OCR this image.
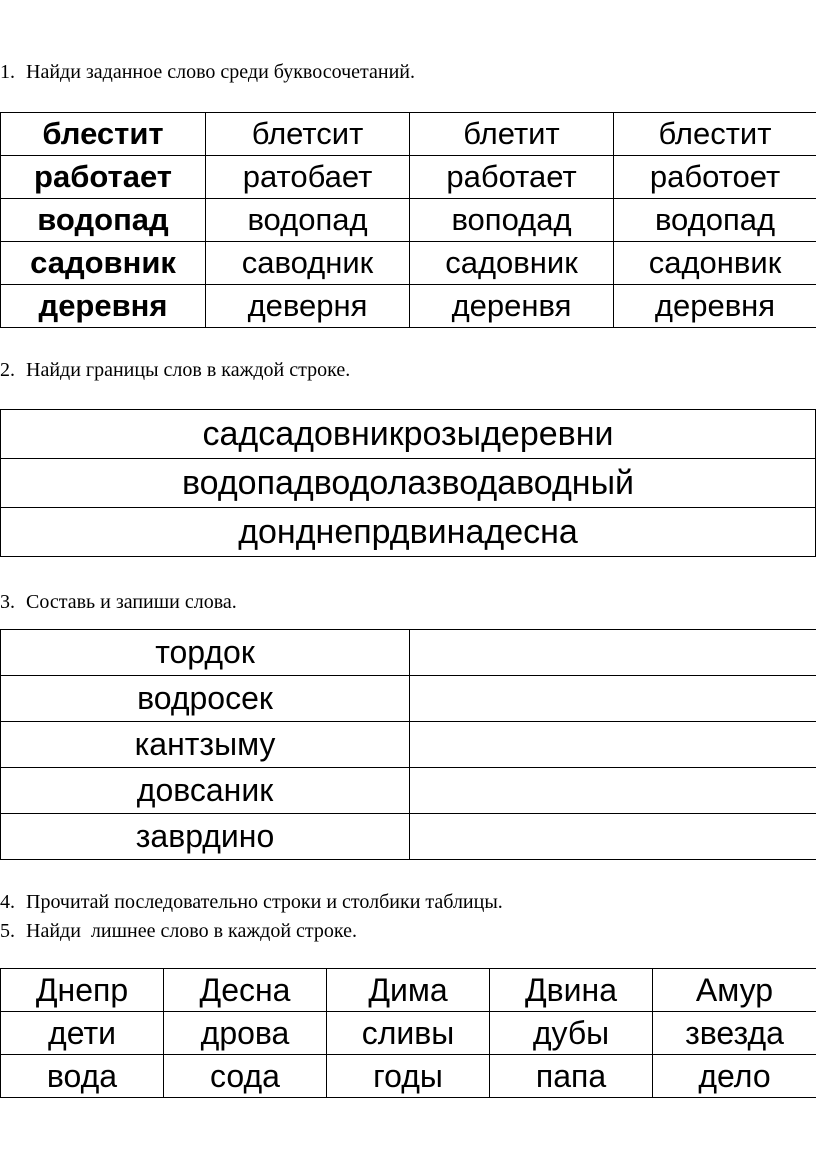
1. Найди заданное слово среди буквосочетаний.
блестит	блетсит	блетит	блестит
работает	ратобает	работает	работоет
водопад	водопад	воподад	водопад
садовник	саводник	садовник	садонвик
деревня	деверня	деренвя	деревня
2. Найди границы слов в каждой строке.
садсадовникрозыдеревни
водопадводолазводаводный
донднепрдвинадесна
3. Составь и запиши слова.
тордок	
водросек	
кантзыму	
довсаник	
заврдино	
4. Прочитай последовательно строки и столбики таблицы.
5. Найди  лишнее слово в каждой строке.
Днепр	Десна	Дима	Двина	Амур
дети	дрова	сливы	дубы	звезда
вода	сода	годы	папа	дело
